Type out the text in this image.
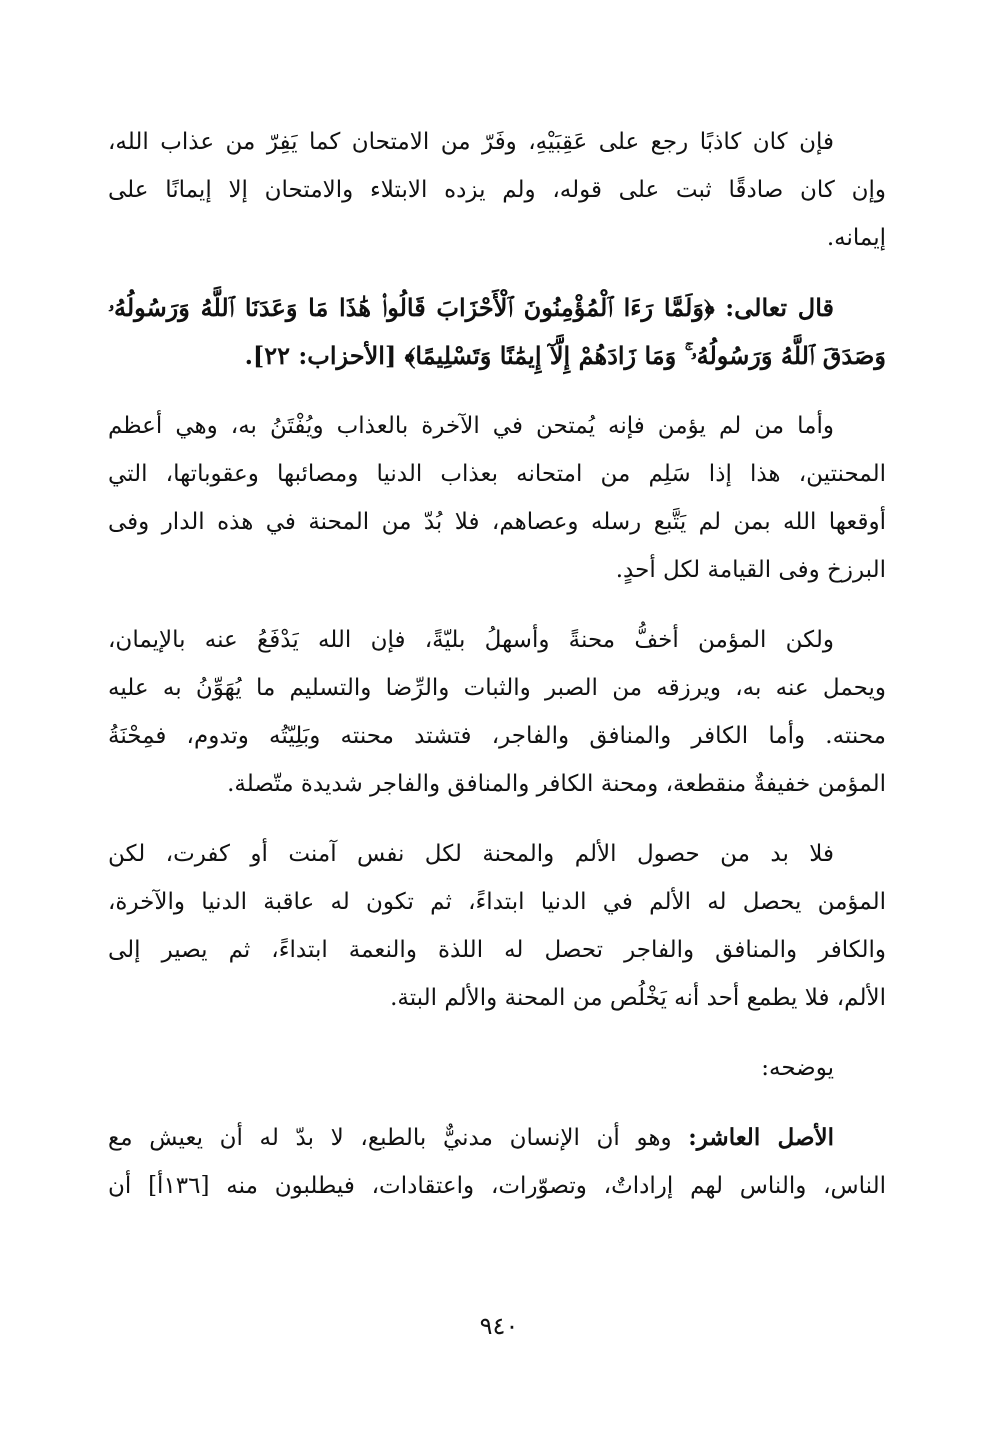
فإن كان كاذبًا رجع على عَقِبَيْهِ، وفَرّ من الامتحان كما يَفِرّ من عذاب الله،
وإن كان صادقًا ثبت على قوله، ولم يزده الابتلاء والامتحان إلا إيمانًا على
إيمانه.
قال تعالى: ﴿وَلَمَّا رَءَا ٱلْمُؤْمِنُونَ ٱلْأَحْزَابَ قَالُوا۟ هَٰذَا مَا وَعَدَنَا ٱللَّهُ وَرَسُولُهُۥ
وَصَدَقَ ٱللَّهُ وَرَسُولُهُۥ ۚ وَمَا زَادَهُمْ إِلَّآ إِيمَٰنًا وَتَسْلِيمًا﴾ [الأحزاب: ٢٢].
وأما من لم يؤمن فإنه يُمتحن في الآخرة بالعذاب ويُفْتَنُ به، وهي أعظم
المحنتين، هذا إذا سَلِم من امتحانه بعذاب الدنيا ومصائبها وعقوباتها، التي
أوقعها الله بمن لم يَتَّبع رسله وعصاهم، فلا بُدّ من المحنة في هذه الدار وفى
البرزخ وفى القيامة لكل أحدٍ.
ولكن المؤمن أخفُّ محنةً وأسهلُ بليّةً، فإن الله يَدْفَعُ عنه بالإيمان،
ويحمل عنه به، ويرزقه من الصبر والثبات والرِّضا والتسليم ما يُهَوِّنُ به عليه
محنته. وأما الكافر والمنافق والفاجر، فتشتد محنته وبَلِيّتُه وتدوم، فمِحْنَةُ
المؤمن خفيفةٌ منقطعة، ومحنة الكافر والمنافق والفاجر شديدة متّصلة.
فلا بد من حصول الألم والمحنة لكل نفس آمنت أو كفرت، لكن
المؤمن يحصل له الألم في الدنيا ابتداءً، ثم تكون له عاقبة الدنيا والآخرة،
والكافر والمنافق والفاجر تحصل له اللذة والنعمة ابتداءً، ثم يصير إلى
الألم، فلا يطمع أحد أنه يَخْلُص من المحنة والألم البتة.
يوضحه:
الأصل العاشر: وهو أن الإنسان مدنيٌّ بالطبع، لا بدّ له أن يعيش مع
الناس، والناس لهم إراداتٌ، وتصوّرات، واعتقادات، فيطلبون منه [١٣٦أ] أن
٩٤٠
